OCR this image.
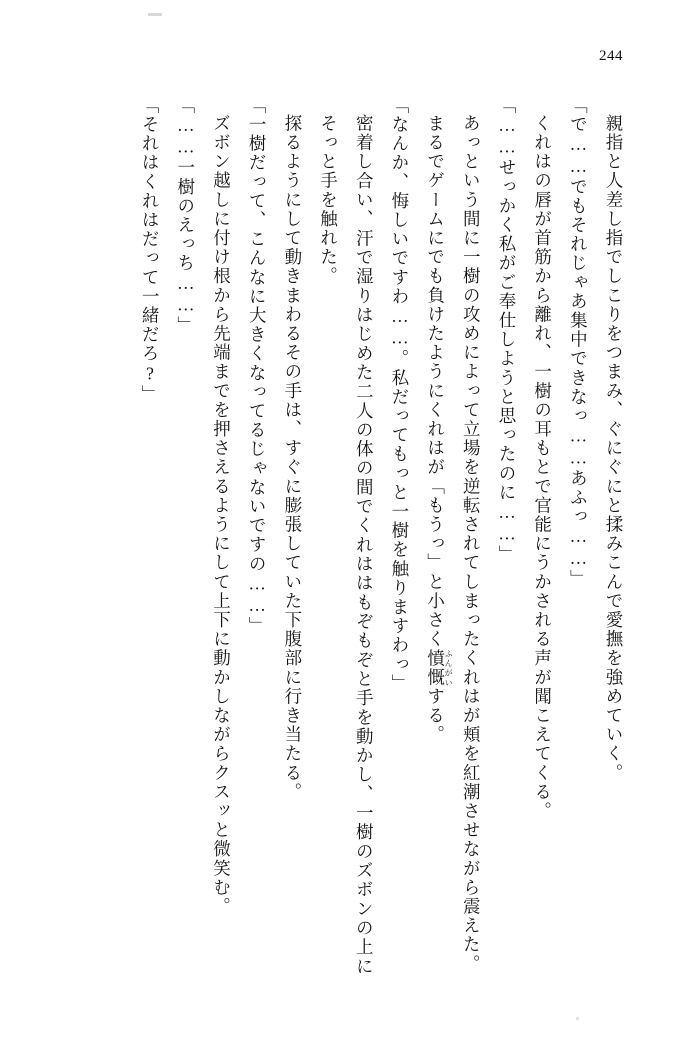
244

親指と人差し指でしこりをつまみ、ぐにぐにと揉みこんで愛撫を強めていく。

「で……でもそれじゃあ集中できなっ……あふっ……」

くれはの唇が首筋から離れ、一樹の耳もとで官能にうかされる声が聞こえてくる。

「……せっかく私がご奉仕しようと思ったのに……」

あっという間に一樹の攻めによって立場を逆転されてしまったくれはが頬を紅潮させながら震えた。

まるでゲームにでも負けたようにくれはが「もうっ」と小さく憤慨ふんがいする。

「なんか、悔しいですわ……。私だってもっと一樹を触りますわっ」

密着し合い、汗で湿りはじめた二人の体の間でくれははもぞもぞと手を動かし、一樹のズボンの上にそっと手を触れた。

探るようにして動きまわるその手は、すぐに膨張していた下腹部に行き当たる。

「一樹だって、こんなに大きくなってるじゃないですの……」

ズボン越しに付け根から先端までを押さえるようにして上下に動かしながらクスッと微笑む。

「……一樹のえっち……」

「それはくれはだって一緒だろ?」
